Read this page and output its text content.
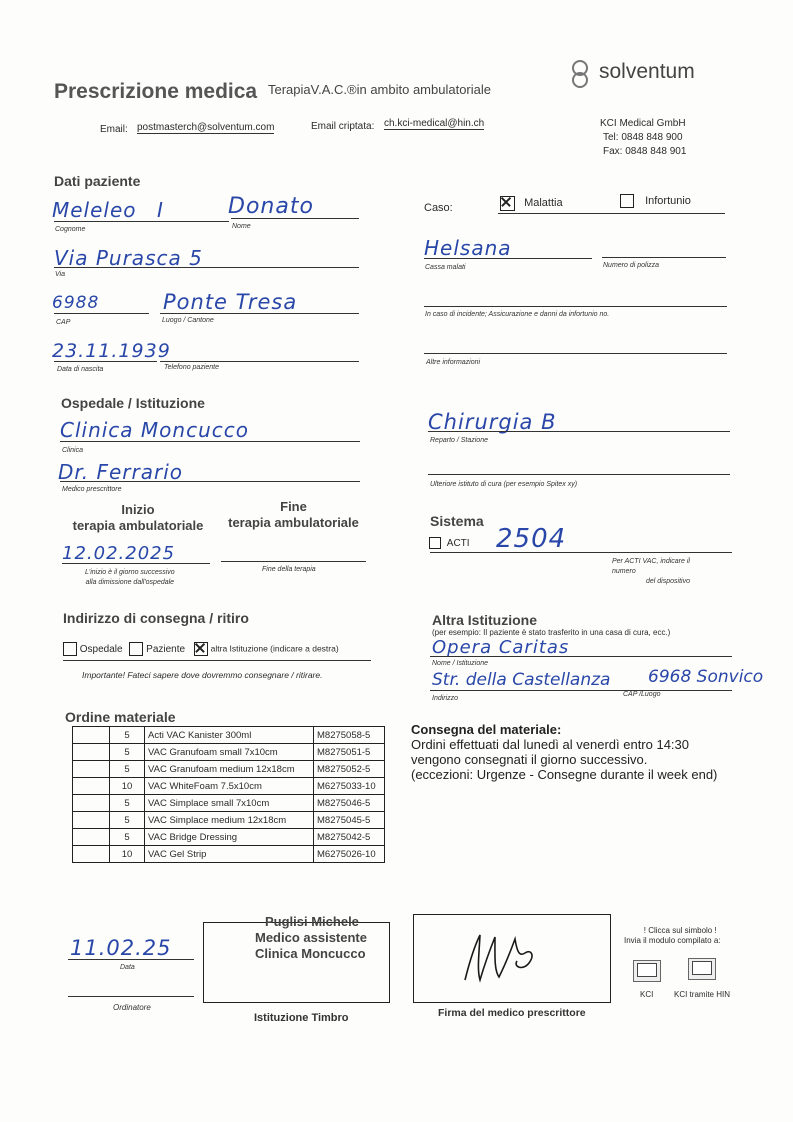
Prescrizione medica TerapiaV.A.C.®in ambito ambulatoriale
solventum
Email: postmasterch@solventum.com	Email criptata: ch.kci-medical@hin.ch	KCI Medical GmbH
Tel: 0848 848 900
Fax: 0848 848 901
Dati paziente
Meleleo I	Donato
Cognome	Nome
Via Purasca 5
Via
6988	Ponte Tresa
CAP	Luogo / Cantone
23.11.1939
Data di nascita	Telefono paziente
Caso:	Malattia	Infortunio
Helsana
Cassa malati	Numero di polizza
In caso di incidente; Assicurazione e danni da infortunio no.
Altre informazioni
Ospedale / Istituzione
Clinica Moncucco
Clinica
Dr. Ferrario
Medico prescrittore
Chirurgia B
Reparto / Stazione
Ulteriore istituto di cura (per esempio Spitex xy)
Inizio
terapia ambulatoriale
Fine
terapia ambulatoriale
12.02.2025
L'inizio è il giorno successivo
alla dimissione dall'ospedale
Fine della terapia
Sistema
ACTI 2504
Per ACTI VAC, indicare il
numero
del dispositivo
Indirizzo di consegna / ritiro
Ospedale Paziente	altra Istituzione (indicare a destra)
Importante! Fateci sapere dove dovremmo consegnare / ritirare.
Altra Istituzione
(per esempio: Il paziente è stato trasferito in una casa di cura, ecc.)
Opera Caritas
Nome / Istituzione
Str. della Castellanza 6968 Sonvico
Indirizzo
CAP /Luogo
Ordine materiale
	5	Acti VAC Kanister 300ml	M8275058-5
	5	VAC Granufoam small 7x10cm	M8275051-5
	5	VAC Granufoam medium 12x18cm	M8275052-5
	10	VAC WhiteFoam 7.5x10cm	M6275033-10
	5	VAC Simplace small 7x10cm	M8275046-5
	5	VAC Simplace medium 12x18cm	M8275045-5
	5	VAC Bridge Dressing	M8275042-5
	10	VAC Gel Strip	M6275026-10
Consegna del materiale:
Ordini effettuati dal lunedì al venerdì entro 14:30
vengono consegnati il giorno successivo.
(eccezioni: Urgenze - Consegne durante il week end)
11.02.25
Data
Ordinatore
Puglisi Michele
Medico assistente
Clinica Moncucco
Istituzione Timbro	Firma del medico prescrittore
! Clicca sul simbolo !
Invia il modulo compilato a:
KCI	KCI tramite HIN
